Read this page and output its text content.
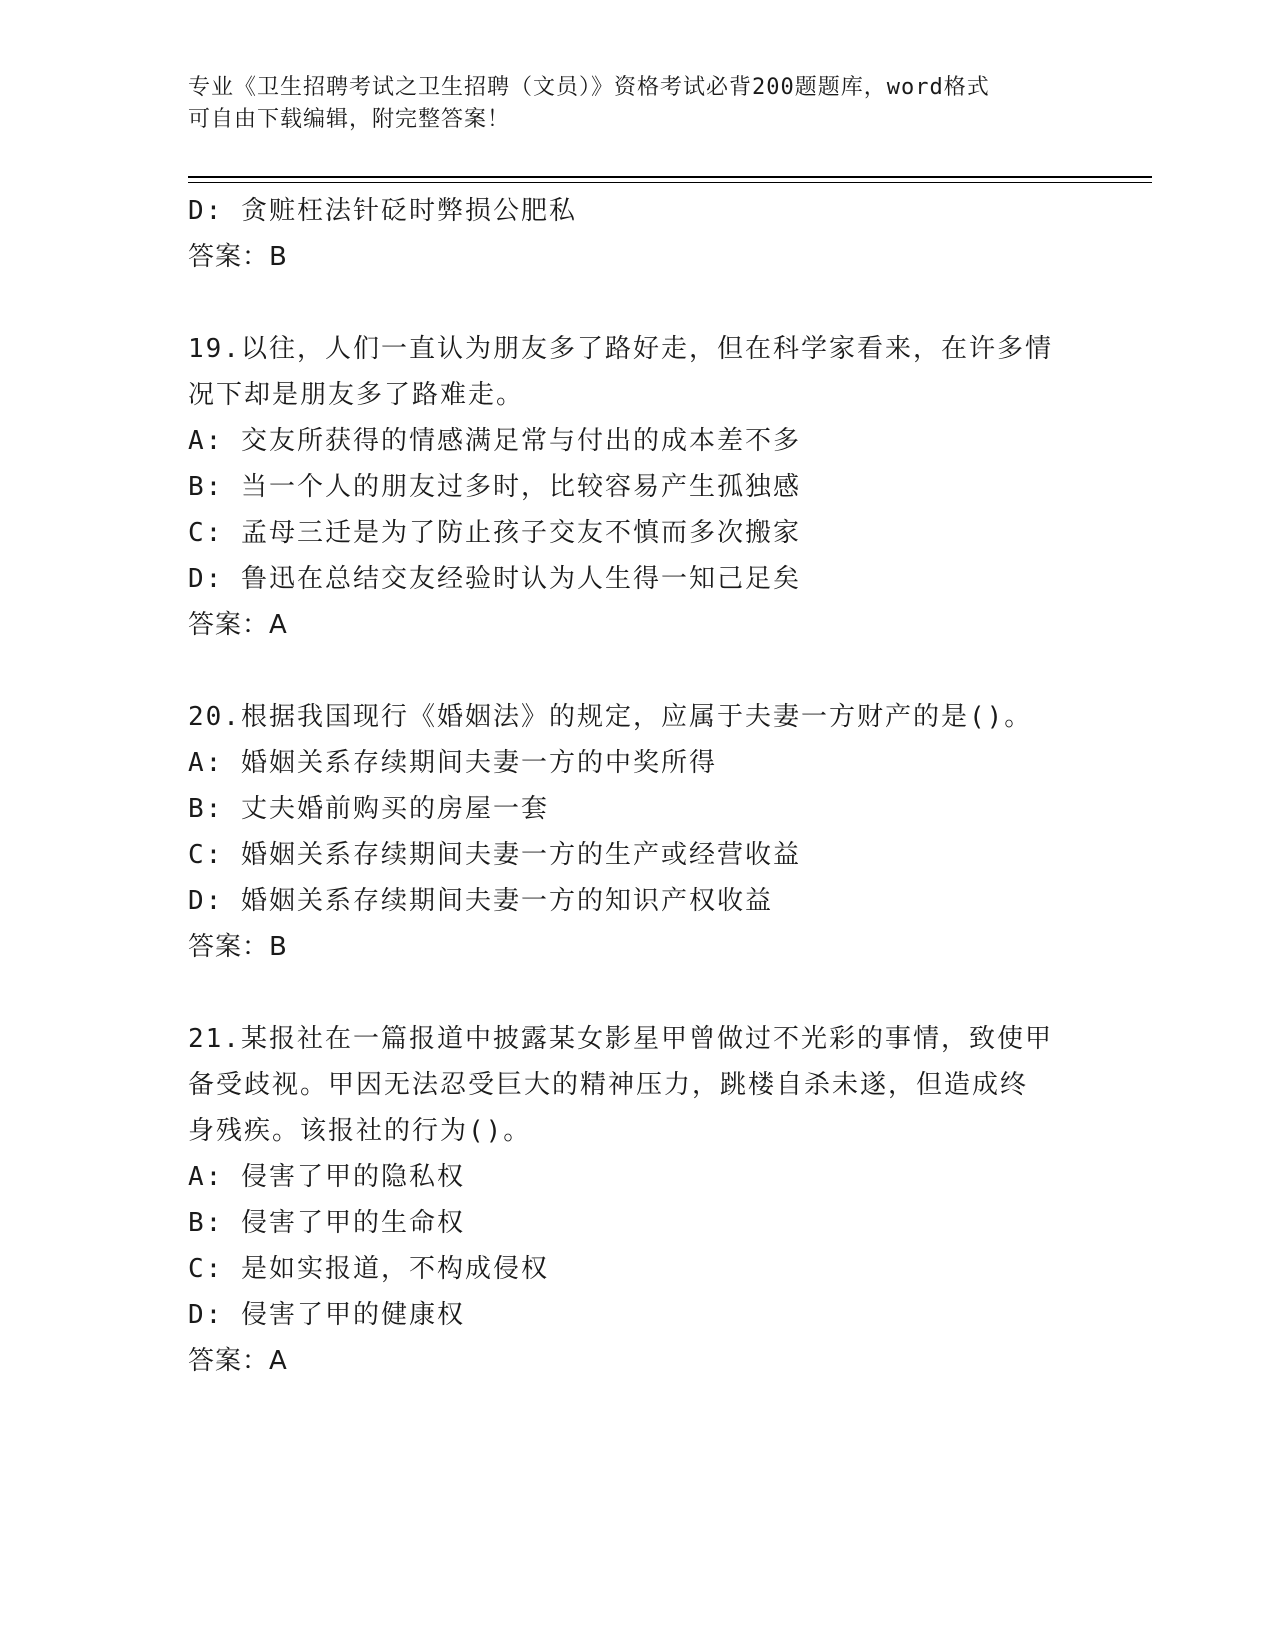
专业《卫生招聘考试之卫生招聘（文员）》资格考试必背200题题库，word格式
可自由下载编辑，附完整答案！
D: 贪赃枉法针砭时弊损公肥私
答案：B
19.以往，人们一直认为朋友多了路好走，但在科学家看来，在许多情
况下却是朋友多了路难走。
A: 交友所获得的情感满足常与付出的成本差不多
B: 当一个人的朋友过多时，比较容易产生孤独感
C: 孟母三迁是为了防止孩子交友不慎而多次搬家
D: 鲁迅在总结交友经验时认为人生得一知己足矣
答案：A
20.根据我国现行《婚姻法》的规定，应属于夫妻一方财产的是()。
A: 婚姻关系存续期间夫妻一方的中奖所得
B: 丈夫婚前购买的房屋一套
C: 婚姻关系存续期间夫妻一方的生产或经营收益
D: 婚姻关系存续期间夫妻一方的知识产权收益
答案：B
21.某报社在一篇报道中披露某女影星甲曾做过不光彩的事情，致使甲
备受歧视。甲因无法忍受巨大的精神压力，跳楼自杀未遂，但造成终
身残疾。该报社的行为()。
A: 侵害了甲的隐私权
B: 侵害了甲的生命权
C: 是如实报道，不构成侵权
D: 侵害了甲的健康权
答案：A
